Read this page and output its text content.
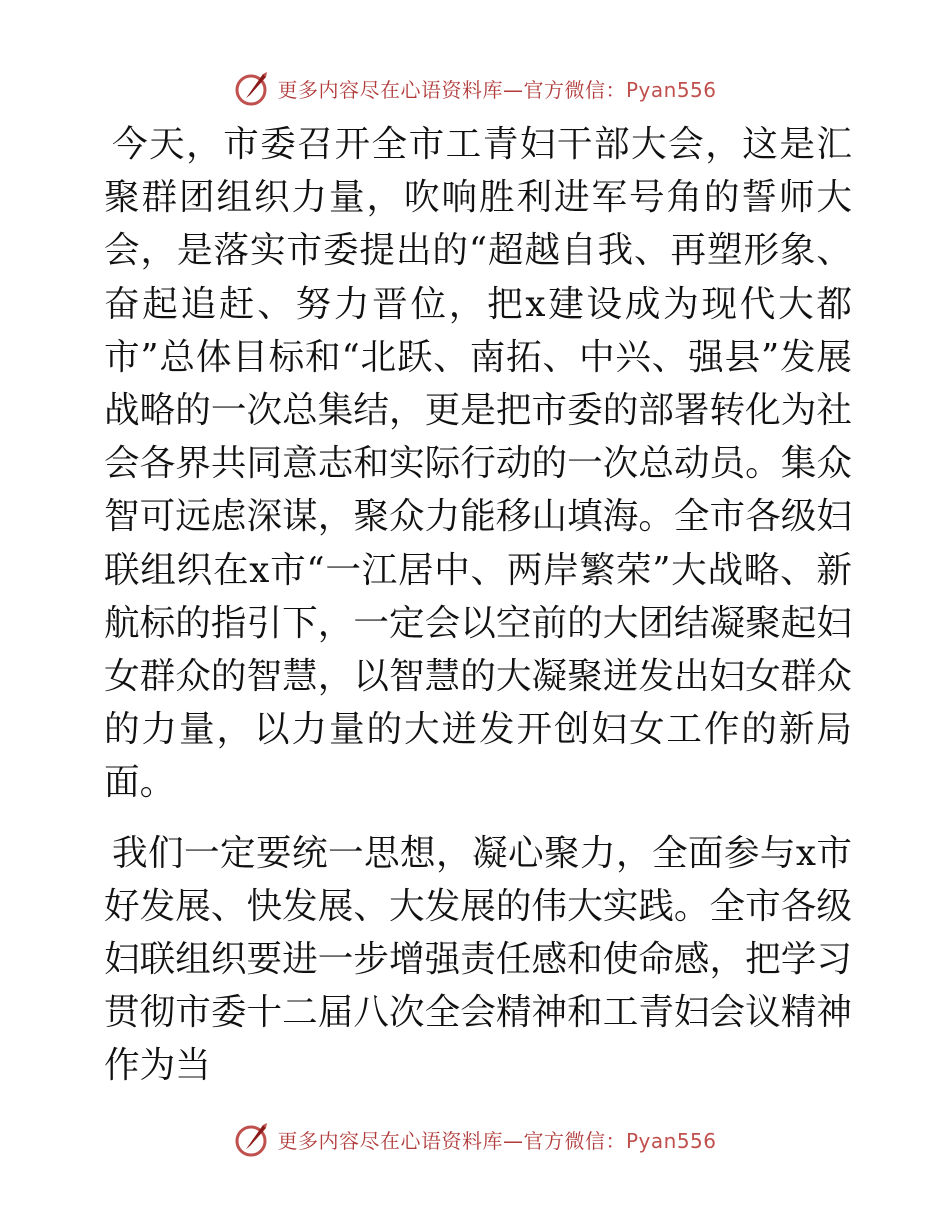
更多内容尽在心语资料库—官方微信：Pyan556

今天，市委召开全市工青妇干部大会，这是汇聚群团组织力量，吹响胜利进军号角的誓师大会，是落实市委提出的“超越自我、再塑形象、奋起追赶、努力晋位，把x建设成为现代大都市”总体目标和“北跃、南拓、中兴、强县”发展战略的一次总集结，更是把市委的部署转化为社会各界共同意志和实际行动的一次总动员。集众智可远虑深谋，聚众力能移山填海。全市各级妇联组织在x市“一江居中、两岸繁荣”大战略、新航标的指引下，一定会以空前的大团结凝聚起妇女群众的智慧，以智慧的大凝聚迸发出妇女群众的力量，以力量的大迸发开创妇女工作的新局面。

我们一定要统一思想，凝心聚力，全面参与x市好发展、快发展、大发展的伟大实践。全市各级妇联组织要进一步增强责任感和使命感，把学习贯彻市委十二届八次全会精神和工青妇会议精神作为当

更多内容尽在心语资料库—官方微信：Pyan556
